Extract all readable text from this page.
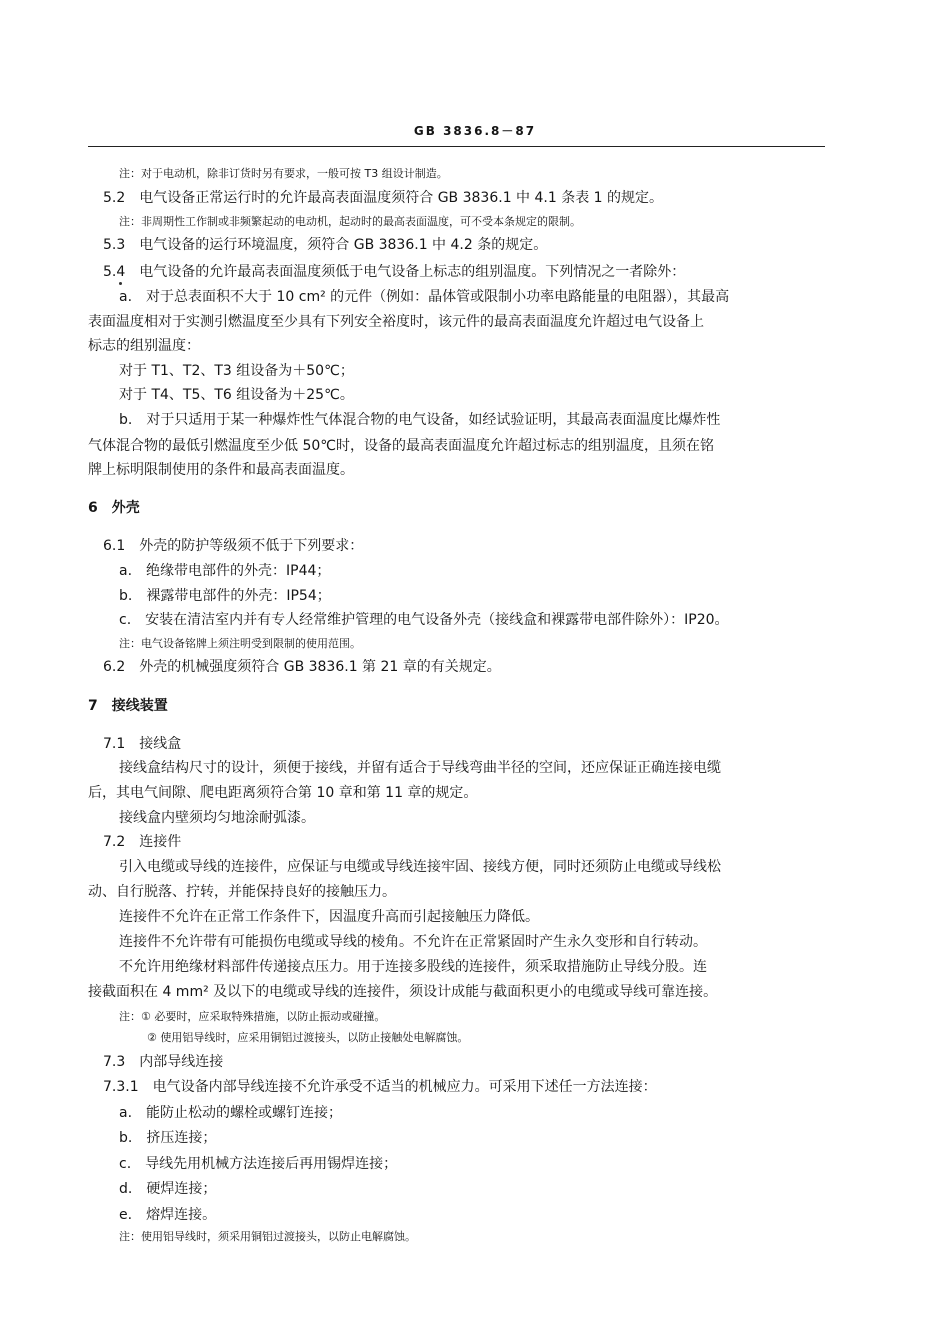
GB 3836.8－87
注：对于电动机，除非订货时另有要求，一般可按 T3 组设计制造。
5.2　电气设备正常运行时的允许最高表面温度须符合 GB 3836.1 中 4.1 条表 1 的规定。
注：非周期性工作制或非频繁起动的电动机，起动时的最高表面温度，可不受本条规定的限制。
5.3　电气设备的运行环境温度，须符合 GB 3836.1 中 4.2 条的规定。
5.4　电气设备的允许最高表面温度须低于电气设备上标志的组别温度。下列情况之一者除外：
a.　对于总表面积不大于 10 cm² 的元件（例如：晶体管或限制小功率电路能量的电阻器），其最高
表面温度相对于实测引燃温度至少具有下列安全裕度时，该元件的最高表面温度允许超过电气设备上
标志的组别温度：
对于 T1、T2、T3 组设备为＋50℃；
对于 T4、T5、T6 组设备为＋25℃。
b.　对于只适用于某一种爆炸性气体混合物的电气设备，如经试验证明，其最高表面温度比爆炸性
气体混合物的最低引燃温度至少低 50℃时，设备的最高表面温度允许超过标志的组别温度，且须在铭
牌上标明限制使用的条件和最高表面温度。
6　外壳
6.1　外壳的防护等级须不低于下列要求：
a.　绝缘带电部件的外壳：IP44；
b.　裸露带电部件的外壳：IP54；
c.　安装在清洁室内并有专人经常维护管理的电气设备外壳（接线盒和裸露带电部件除外）：IP20。
注：电气设备铭牌上须注明受到限制的使用范围。
6.2　外壳的机械强度须符合 GB 3836.1 第 21 章的有关规定。
7　接线装置
7.1　接线盒
接线盒结构尺寸的设计，须便于接线，并留有适合于导线弯曲半径的空间，还应保证正确连接电缆
后，其电气间隙、爬电距离须符合第 10 章和第 11 章的规定。
接线盒内壁须均匀地涂耐弧漆。
7.2　连接件
引入电缆或导线的连接件，应保证与电缆或导线连接牢固、接线方便，同时还须防止电缆或导线松
动、自行脱落、拧转，并能保持良好的接触压力。
连接件不允许在正常工作条件下，因温度升高而引起接触压力降低。
连接件不允许带有可能损伤电缆或导线的棱角。不允许在正常紧固时产生永久变形和自行转动。
不允许用绝缘材料部件传递接点压力。用于连接多股线的连接件，须采取措施防止导线分股。连
接截面积在 4 mm² 及以下的电缆或导线的连接件，须设计成能与截面积更小的电缆或导线可靠连接。
注：① 必要时，应采取特殊措施，以防止振动或碰撞。
② 使用铝导线时，应采用铜铝过渡接头，以防止接触处电解腐蚀。
7.3　内部导线连接
7.3.1　电气设备内部导线连接不允许承受不适当的机械应力。可采用下述任一方法连接：
a.　能防止松动的螺栓或螺钉连接；
b.　挤压连接；
c.　导线先用机械方法连接后再用锡焊连接；
d.　硬焊连接；
e.　熔焊连接。
注：使用铝导线时，须采用铜铝过渡接头，以防止电解腐蚀。
